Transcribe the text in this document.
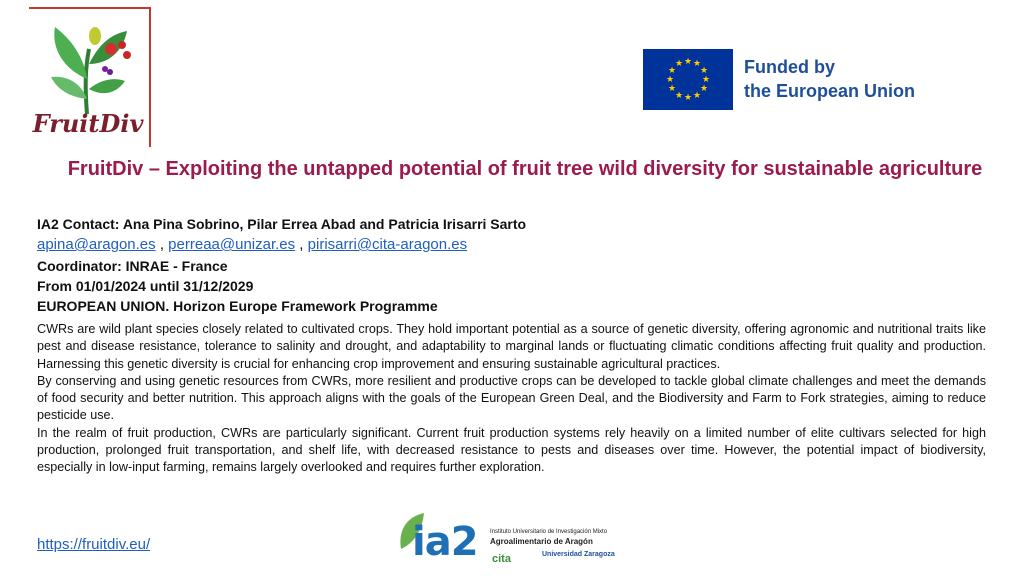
FruitDiv
★ ★
★
★
★
★
★
★
★
★
★
★	Funded by
the European Union
FruitDiv – Exploiting the untapped potential of fruit tree wild diversity for sustainable agriculture
IA2 Contact: Ana Pina Sobrino, Pilar Errea Abad and Patricia Irisarri Sarto
apina@aragon.es , perreaa@unizar.es , pirisarri@cita-aragon.es
Coordinator: INRAE - France
From 01/01/2024 until 31/12/2029
EUROPEAN UNION. Horizon Europe Framework Programme

CWRs are wild plant species closely related to cultivated crops. They hold important potential as a source of genetic diversity, offering agronomic and nutritional traits like pest and disease resistance, tolerance to salinity and drought, and adaptability to marginal lands or fluctuating climatic conditions affecting fruit quality and production. Harnessing this genetic diversity is crucial for enhancing crop improvement and ensuring sustainable agricultural practices.

By conserving and using genetic resources from CWRs, more resilient and productive crops can be developed to tackle global climate challenges and meet the demands of food security and better nutrition. This approach aligns with the goals of the European Green Deal, and the Biodiversity and Farm to Fork strategies, aiming to reduce pesticide use.

In the realm of fruit production, CWRs are particularly significant. Current fruit production systems rely heavily on a limited number of elite cultivars selected for high production, prolonged fruit transportation, and shelf life, with decreased resistance to pests and diseases over time. However, the potential impact of biodiversity, especially in low-input farming, remains largely overlooked and requires further exploration.

https://fruitdiv.eu/	ia2 Instituto Universitario de Investigación Mixto
Agroalimentario de Aragón
cita	Universidad Zaragoza
